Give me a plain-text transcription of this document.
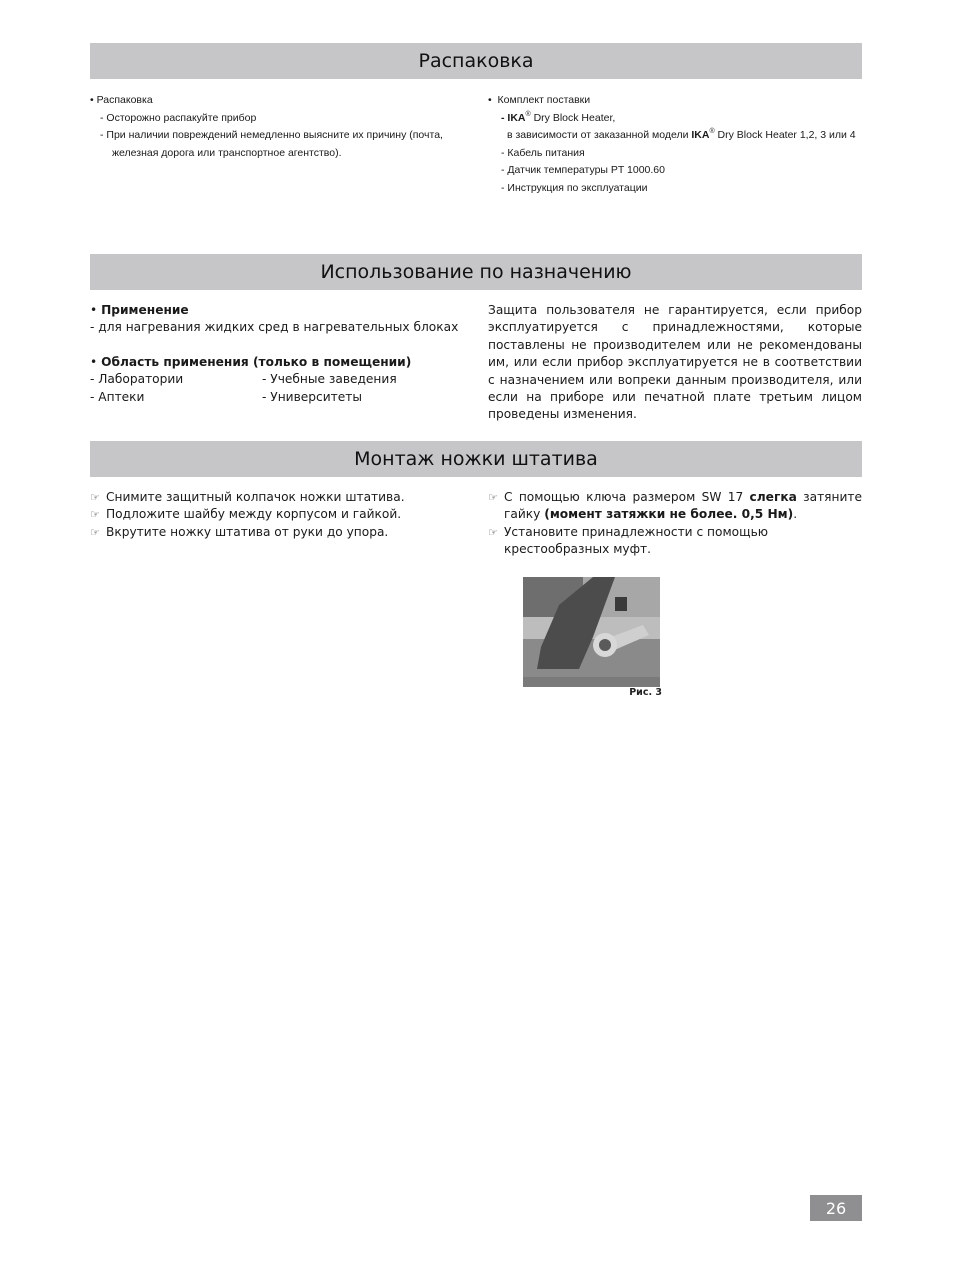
Распаковка
• Распаковка
- Осторожно распакуйте прибор
- При наличии повреждений немедленно выясните их причину (почта,
железная дорога или транспортное агентство).
• Комплект поставки
- IKA® Dry Block Heater,
в зависимости от заказанной модели IKA® Dry Block Heater 1,2, 3 или 4
- Кабель питания
- Датчик температуры PT 1000.60
- Инструкция по эксплуатации
Использование по назначению
• Применение
- для нагревания жидких сред в нагревательных блоках
• Область применения (только в помещении)
- Лаборатории
- Аптеки
- Учебные заведения
- Университеты
Защита пользователя не гарантируется, если прибор эксплуатируется с принадлежностями, которые поставлены не производителем или не рекомендованы им, или если прибор эксплуатируется не в соответствии с назначением или вопреки данным производителя, или если на приборе или печатной плате третьим лицом проведены изменения.
Монтаж ножки штатива
☞ Снимите защитный колпачок ножки штатива.
☞ Подложите шайбу между корпусом и гайкой.
☞ Вкрутите ножку штатива от руки до упора.
☞ С помощью ключа размером SW 17 слегка затяните гайку (момент затяжки не более. 0,5 Нм).
☞ Установите принадлежности с помощью крестообразных муфт.
Рис. 3
26
